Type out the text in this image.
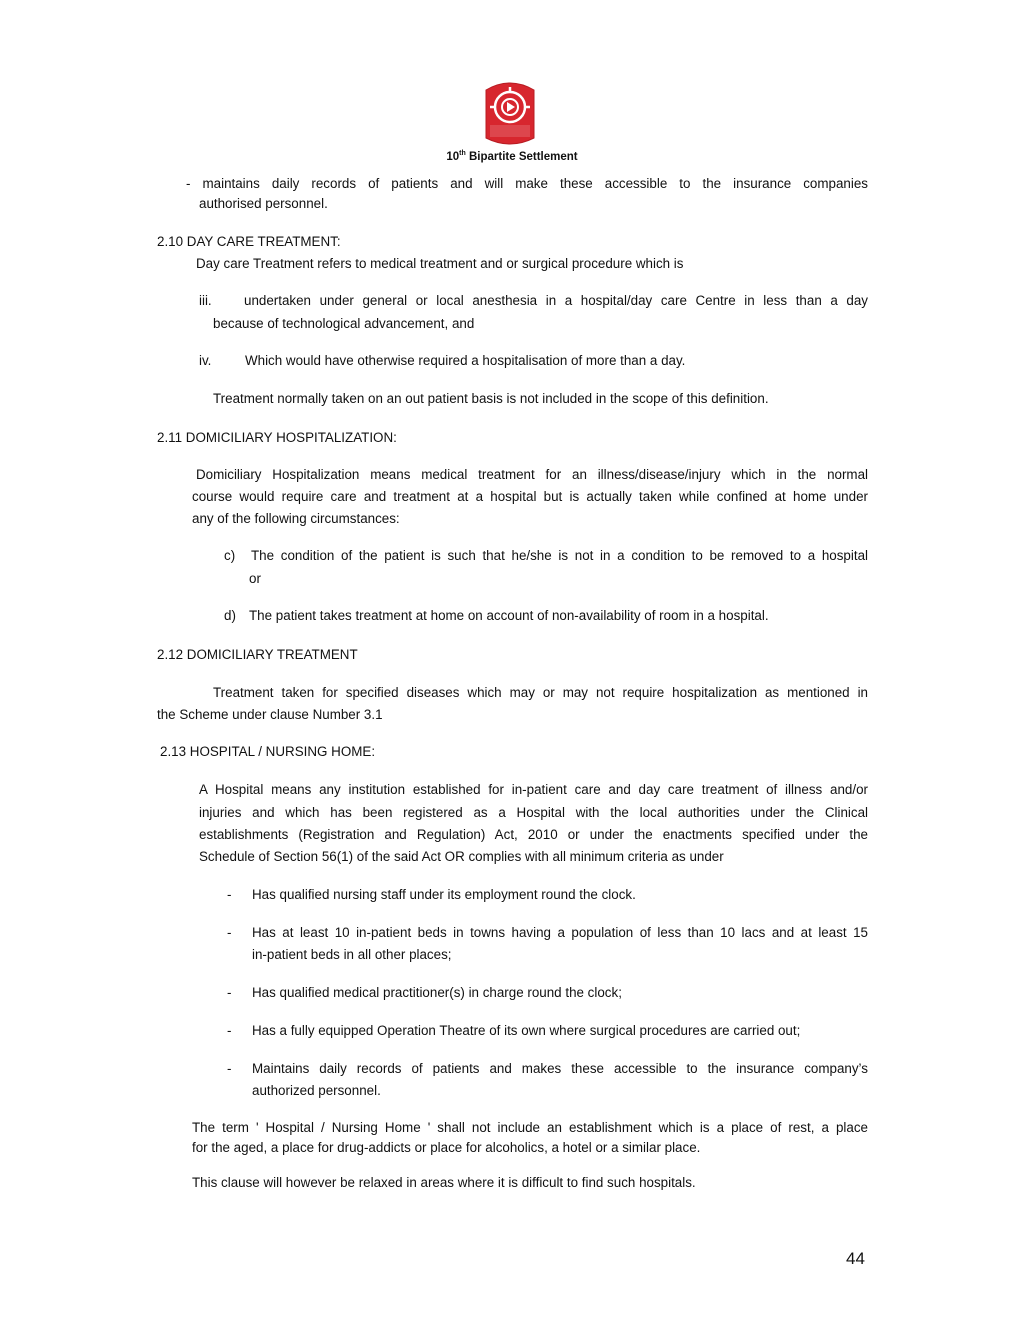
10th Bipartite Settlement
- maintains daily records of patients and will make these accessible to the insurance companies
authorised personnel.
2.10 DAY CARE TREATMENT:
Day care Treatment refers to medical treatment and or surgical procedure which is
iii. undertaken under general or local anesthesia in a hospital/day care Centre in less than a day
because of technological advancement, and
iv.	Which would have otherwise required a hospitalisation of more than a day.
Treatment normally taken on an out patient basis is not included in the scope of this definition.
2.11 DOMICILIARY HOSPITALIZATION:
Domiciliary Hospitalization means medical treatment for an illness/disease/injury which in the normal
course would require care and treatment at a hospital but is actually taken while confined at home under
any of the following circumstances:
c) The condition of the patient is such that he/she is not in a condition to be removed to a hospital
or
d) The patient takes treatment at home on account of non-availability of room in a hospital.
2.12 DOMICILIARY TREATMENT
Treatment taken for specified diseases which may or may not require hospitalization as mentioned in
the Scheme under clause Number 3.1
2.13 HOSPITAL / NURSING HOME:
A Hospital means any institution established for in-patient care and day care treatment of illness and/or
injuries and which has been registered as a Hospital with the local authorities under the Clinical
establishments (Registration and Regulation) Act, 2010 or under the enactments specified under the
Schedule of Section 56(1) of the said Act OR complies with all minimum criteria as under
- Has qualified nursing staff under its employment round the clock.
- Has at least 10 in-patient beds in towns having a population of less than 10 lacs and at least 15
in-patient beds in all other places;
- Has qualified medical practitioner(s) in charge round the clock;
- Has a fully equipped Operation Theatre of its own where surgical procedures are carried out;
- Maintains daily records of patients and makes these accessible to the insurance company’s
authorized personnel.
The term ' Hospital / Nursing Home ' shall not include an establishment which is a place of rest, a place
for the aged, a place for drug-addicts or place for alcoholics, a hotel or a similar place.
This clause will however be relaxed in areas where it is difficult to find such hospitals.
44
